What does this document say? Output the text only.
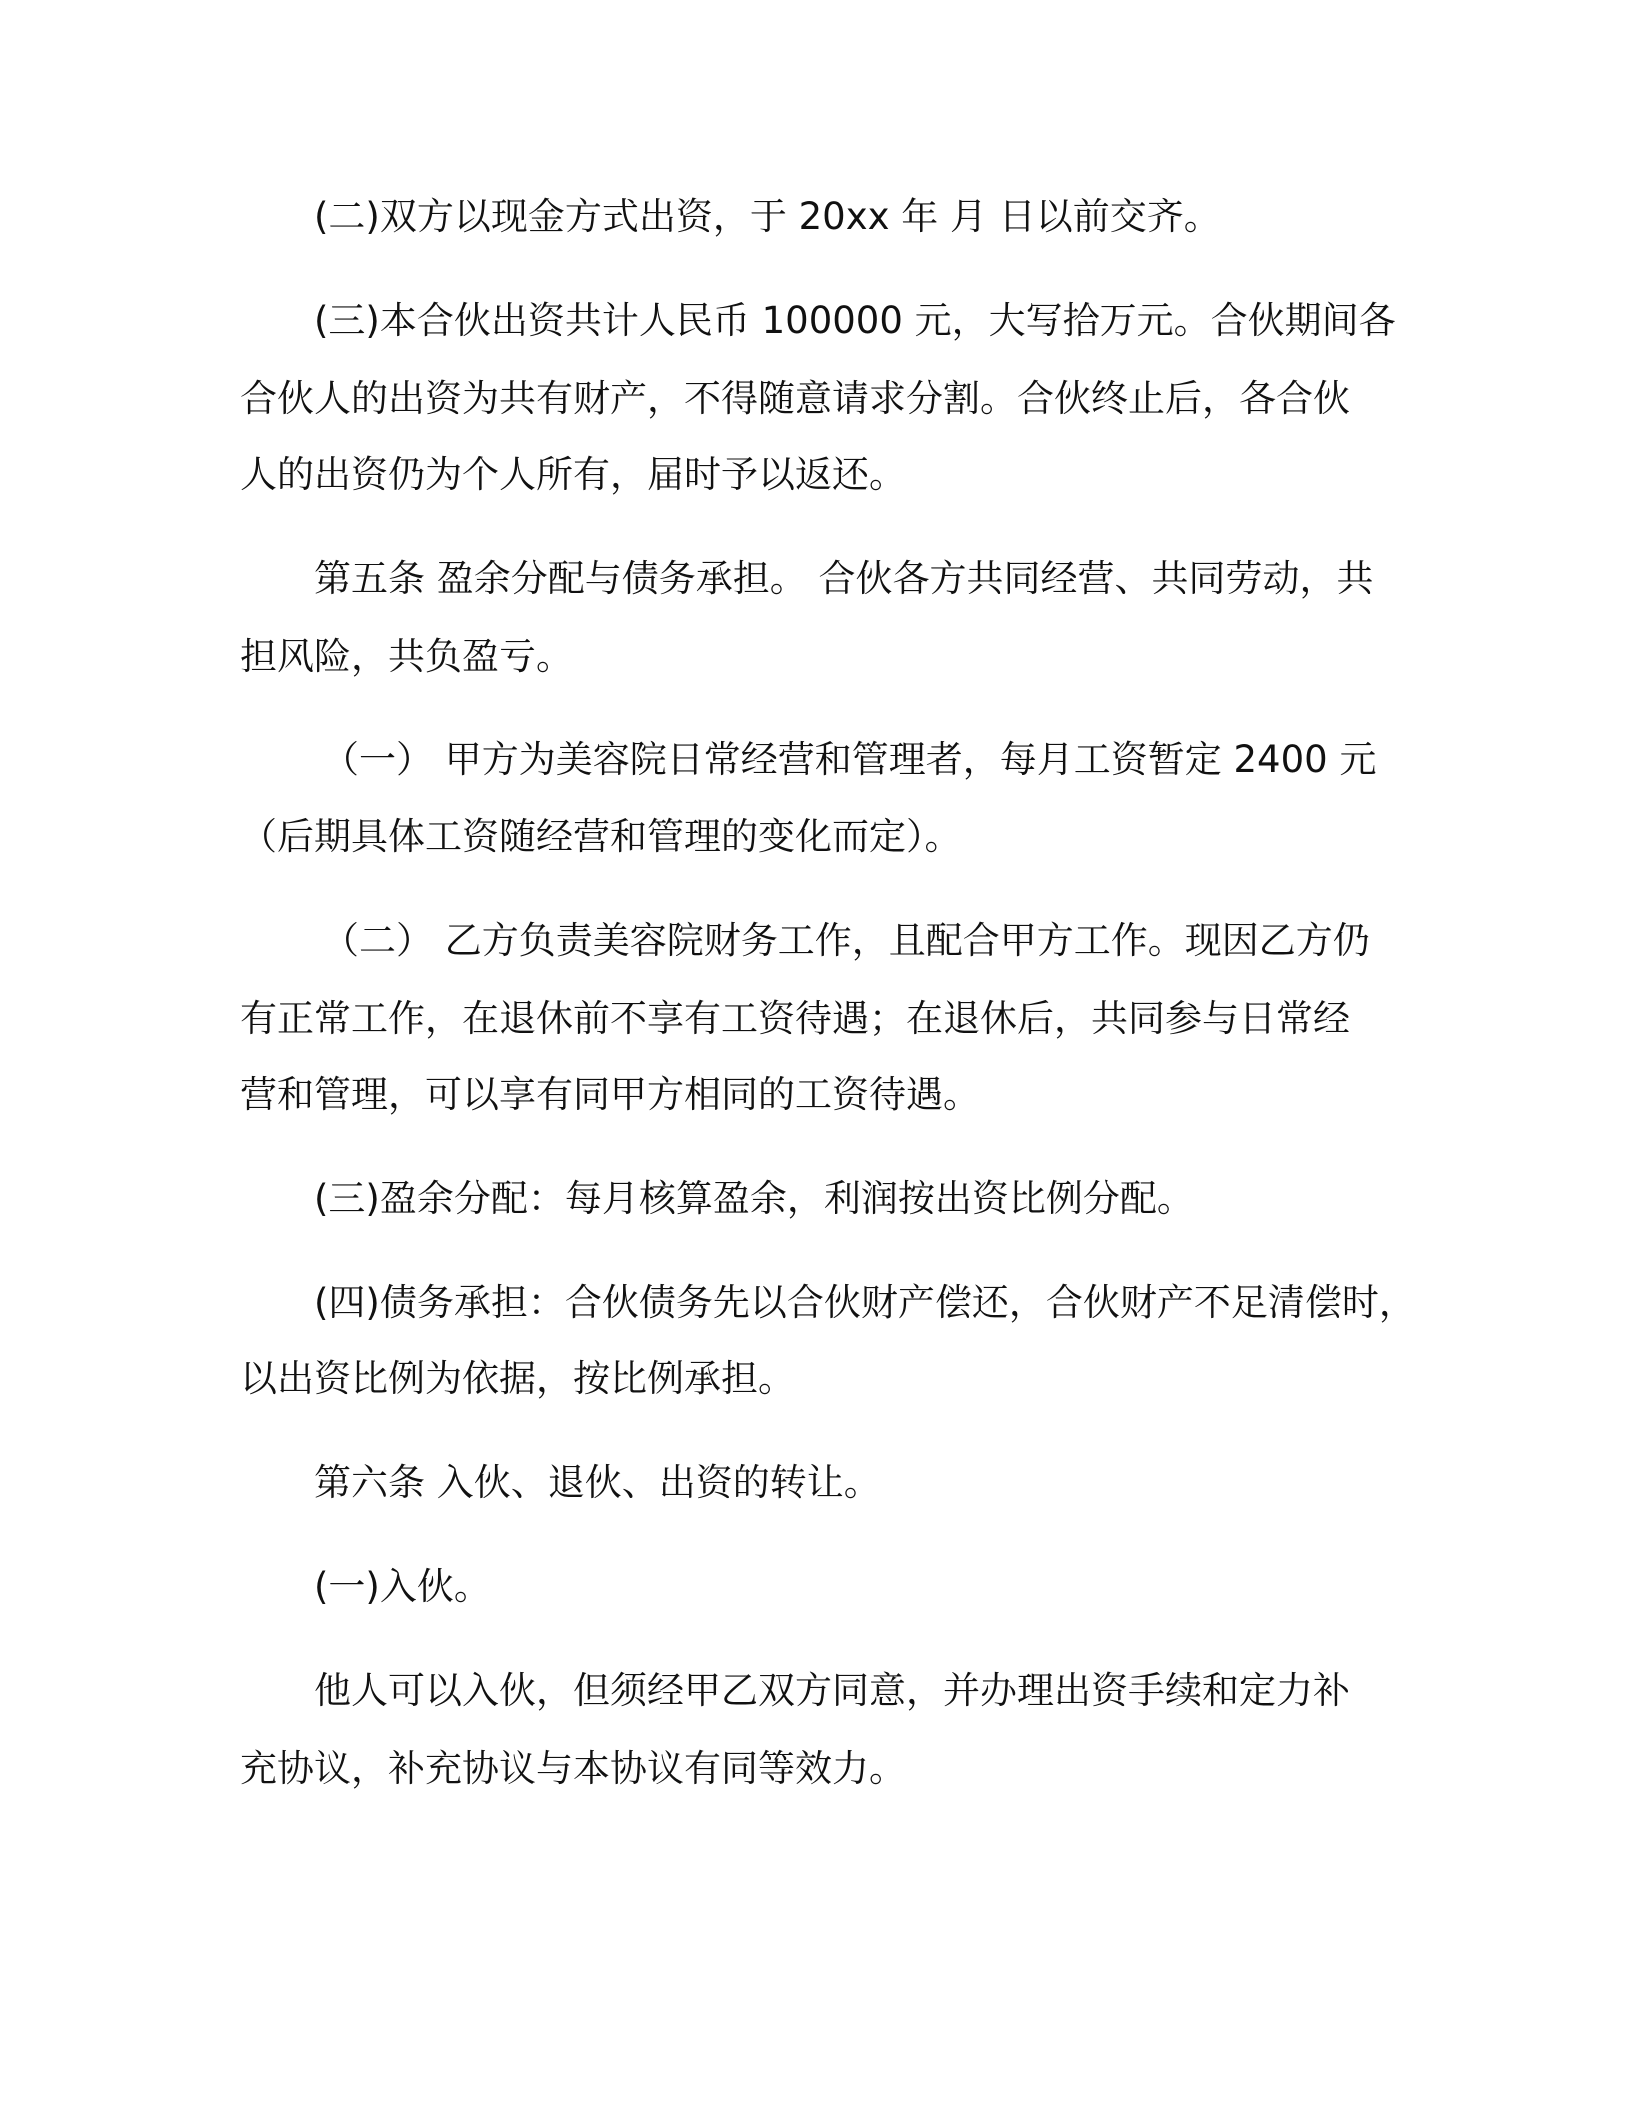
(二)双方以现金方式出资，于 20xx 年 月 日以前交齐。
(三)本合伙出资共计人民币 100000 元，大写拾万元。合伙期间各
合伙人的出资为共有财产，不得随意请求分割。合伙终止后，各合伙
人的出资仍为个人所有，届时予以返还。
第五条 盈余分配与债务承担。 合伙各方共同经营、共同劳动，共
担风险，共负盈亏。
（一） 甲方为美容院日常经营和管理者，每月工资暂定 2400 元
（后期具体工资随经营和管理的变化而定）。
（二） 乙方负责美容院财务工作，且配合甲方工作。现因乙方仍
有正常工作，在退休前不享有工资待遇；在退休后，共同参与日常经
营和管理，可以享有同甲方相同的工资待遇。
(三)盈余分配：每月核算盈余，利润按出资比例分配。
(四)债务承担：合伙债务先以合伙财产偿还，合伙财产不足清偿时，
以出资比例为依据，按比例承担。
第六条 入伙、退伙、出资的转让。
(一)入伙。
他人可以入伙，但须经甲乙双方同意，并办理出资手续和定力补
充协议，补充协议与本协议有同等效力。
